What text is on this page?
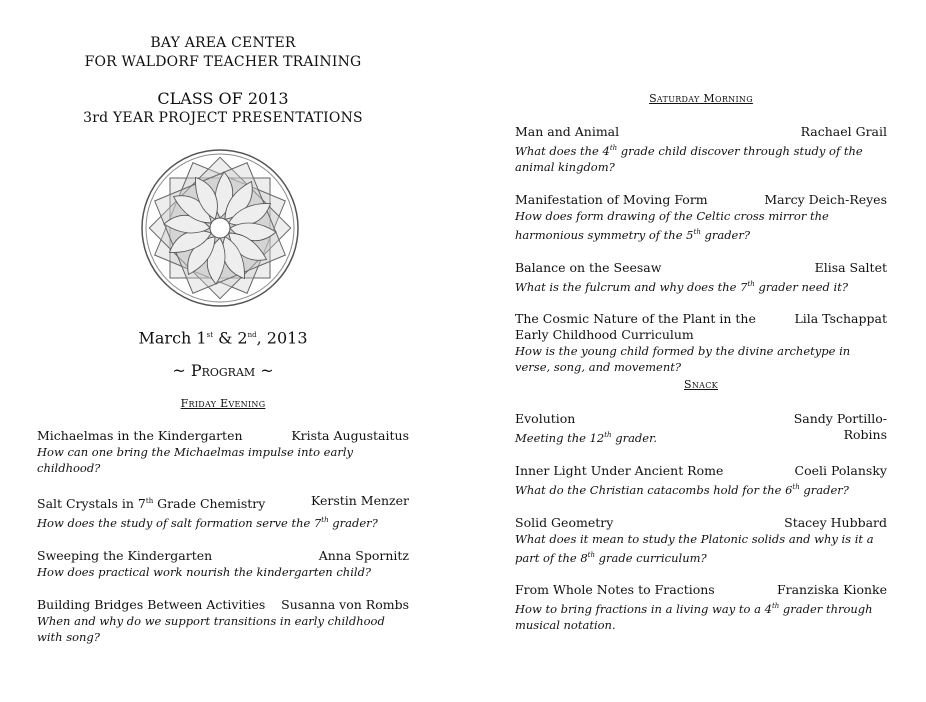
BAY AREA CENTER
FOR WALDORF TEACHER TRAINING
CLASS OF 2013
3rd YEAR PROJECT PRESENTATIONS
March 1st & 2nd, 2013
~ Program ~
Friday Evening
Michaelmas in the Kindergarten	Krista Augustaitus
How can one bring the Michaelmas impulse into early childhood?
Salt Crystals in 7th Grade Chemistry	Kerstin Menzer
How does the study of salt formation serve the 7th grader?
Sweeping the Kindergarten	Anna Spornitz
How does practical work nourish the kindergarten child?
Building Bridges Between Activities Susanna von Rombs
When and why do we support transitions in early childhood with song?
Saturday Morning
Man and Animal	Rachael Grail
What does the 4th grade child discover through study of the animal kingdom?
Manifestation of Moving Form	Marcy Deich-Reyes
How does form drawing of the Celtic cross mirror the harmonious symmetry of the 5th grader?
Balance on the Seesaw	Elisa Saltet
What is the fulcrum and why does the 7th grader need it?
The Cosmic Nature of the Plant in the Early Childhood Curriculum
Lila Tschappat
How is the young child formed by the divine archetype in verse, song, and movement?
Snack
Evolution	Sandy Portillo-
Robins
Meeting the 12th grader.
Inner Light Under Ancient Rome	Coeli Polansky
What do the Christian catacombs hold for the 6th grader?
Solid Geometry	Stacey Hubbard
What does it mean to study the Platonic solids and why is it a part of the 8th grade curriculum?
From Whole Notes to Fractions	Franziska Kionke
How to bring fractions in a living way to a 4th grader through musical notation.
